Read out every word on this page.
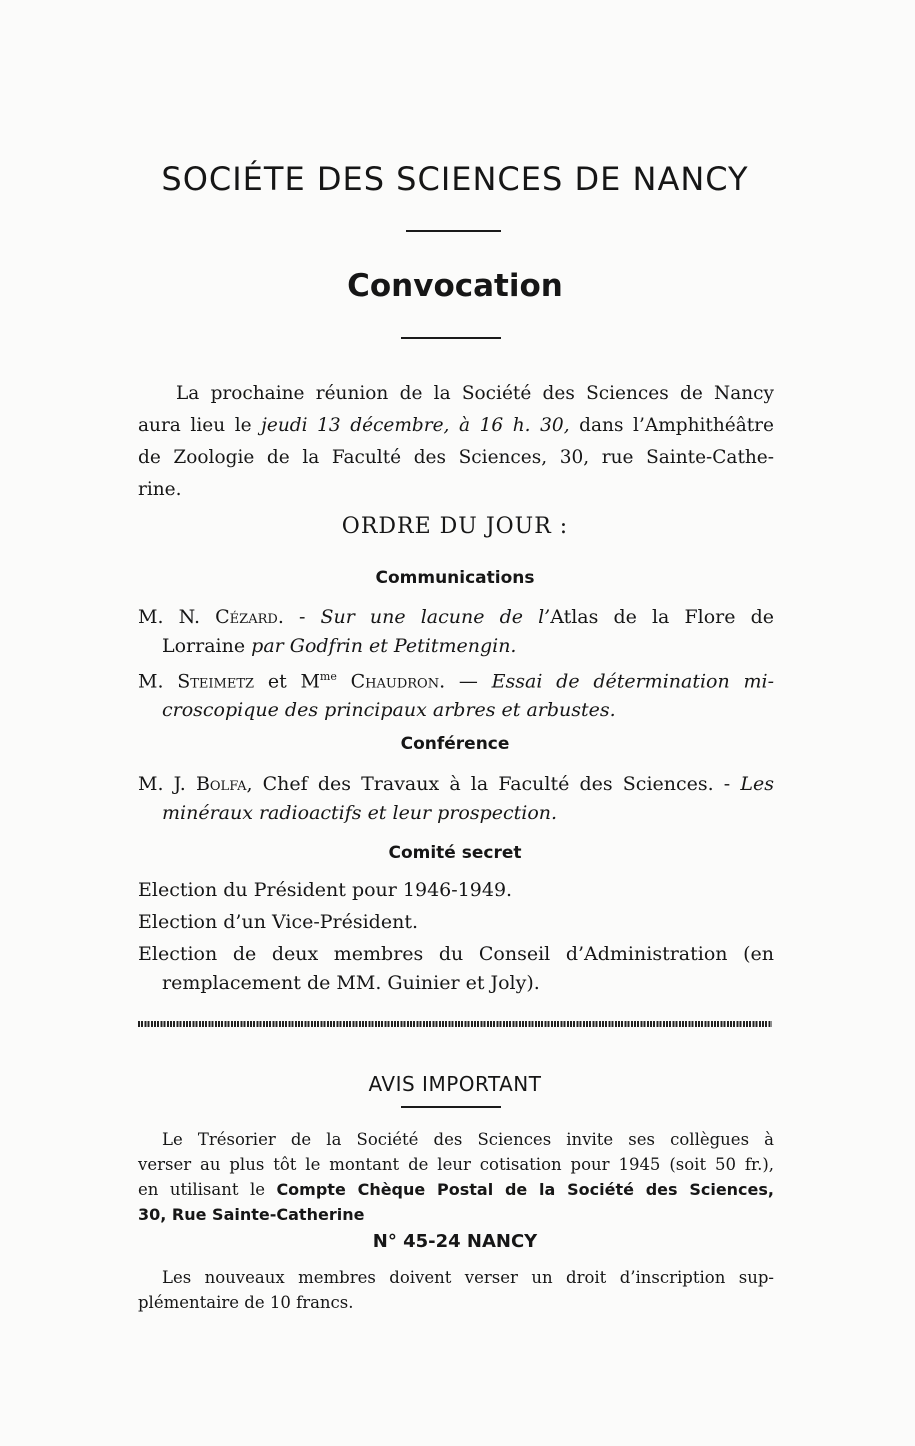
SOCIÉTE DES SCIENCES DE NANCY
Convocation
La prochaine réunion de la Société des Sciences de Nancy
aura lieu le jeudi 13 décembre, à 16 h. 30, dans l’Amphithéâtre
de Zoologie de la Faculté des Sciences, 30, rue Sainte-Cathe-
rine.
ORDRE DU JOUR :
Communications
M. N. Cézard. - Sur une lacune de l’Atlas de la Flore de
Lorraine par Godfrin et Petitmengin.
M. Steimetz et $M^{me}$ Chaudron. — Essai de détermination mi-
croscopique des principaux arbres et arbustes.
Conférence
M. J. Bolfa, Chef des Travaux à la Faculté des Sciences. - Les
minéraux radioactifs et leur prospection.
Comité secret
Election du Président pour 1946-1949.
Election d’un Vice-Président.
Election de deux membres du Conseil d’Administration (en
remplacement de MM. Guinier et Joly).
AVIS IMPORTANT
Le Trésorier de la Société des Sciences invite ses collègues à
verser au plus tôt le montant de leur cotisation pour 1945 (soit 50 fr.),
en utilisant le Compte Chèque Postal de la Société des Sciences,
30, Rue Sainte-Catherine
N° 45-24 NANCY
Les nouveaux membres doivent verser un droit d’inscription sup-
plémentaire de 10 francs.
